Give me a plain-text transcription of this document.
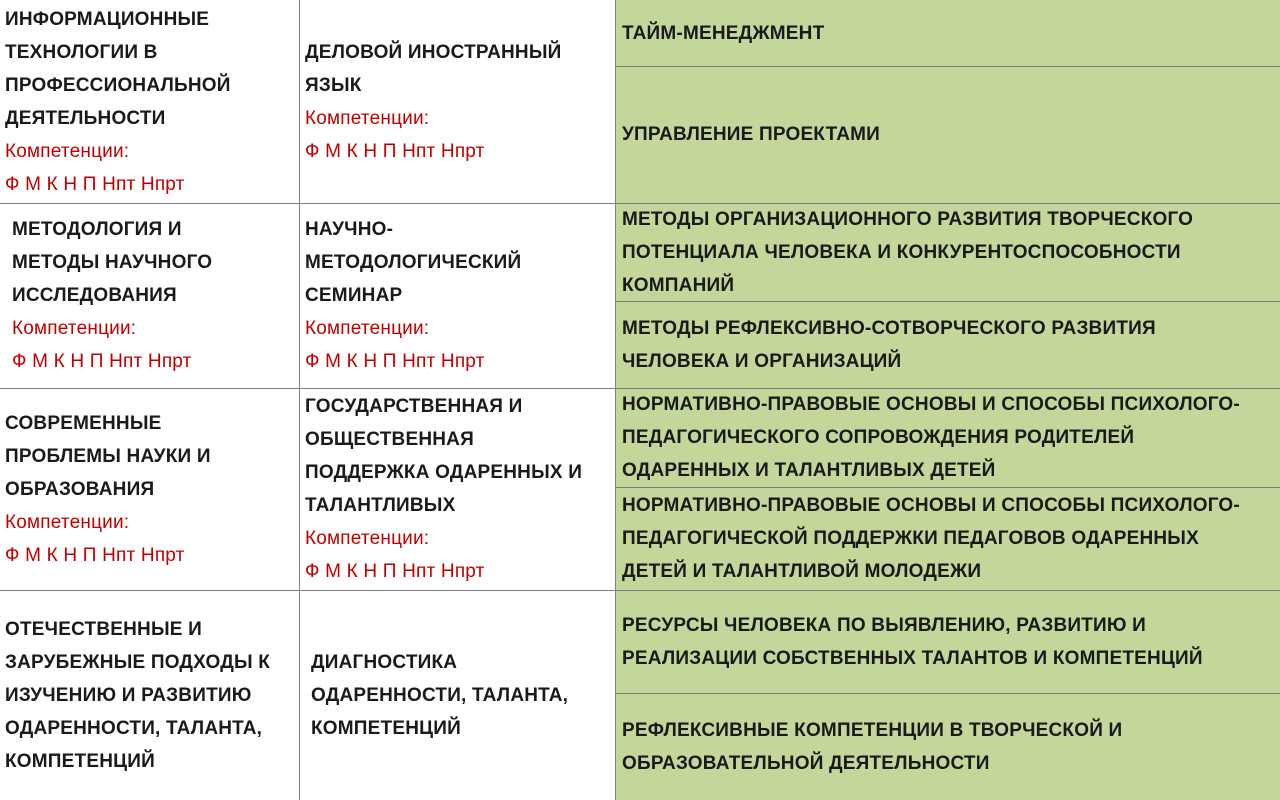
ИНФОРМАЦИОННЫЕ
ТЕХНОЛОГИИ В
ПРОФЕССИОНАЛЬНОЙ
ДЕЯТЕЛЬНОСТИ
Компетенции:
Ф М К Н П Нпт Нпрт
ДЕЛОВОЙ ИНОСТРАННЫЙ
ЯЗЫК
Компетенции:
Ф М К Н П Нпт Нпрт
ТАЙМ-МЕНЕДЖМЕНТ
УПРАВЛЕНИЕ ПРОЕКТАМИ
МЕТОДОЛОГИЯ И
МЕТОДЫ НАУЧНОГО
ИССЛЕДОВАНИЯ
Компетенции:
Ф М К Н П Нпт Нпрт
НАУЧНО-
МЕТОДОЛОГИЧЕСКИЙ
СЕМИНАР
Компетенции:
Ф М К Н П Нпт Нпрт
МЕТОДЫ ОРГАНИЗАЦИОННОГО РАЗВИТИЯ ТВОРЧЕСКОГО
ПОТЕНЦИАЛА ЧЕЛОВЕКА И КОНКУРЕНТОСПОСОБНОСТИ
КОМПАНИЙ
МЕТОДЫ РЕФЛЕКСИВНО-СОТВОРЧЕСКОГО РАЗВИТИЯ
ЧЕЛОВЕКА И ОРГАНИЗАЦИЙ
СОВРЕМЕННЫЕ
ПРОБЛЕМЫ НАУКИ И
ОБРАЗОВАНИЯ
Компетенции:
Ф М К Н П Нпт Нпрт
ГОСУДАРСТВЕННАЯ И
ОБЩЕСТВЕННАЯ
ПОДДЕРЖКА ОДАРЕННЫХ И
ТАЛАНТЛИВЫХ
Компетенции:
Ф М К Н П Нпт Нпрт
НОРМАТИВНО-ПРАВОВЫЕ ОСНОВЫ И СПОСОБЫ ПСИХОЛОГО-
ПЕДАГОГИЧЕСКОГО СОПРОВОЖДЕНИЯ РОДИТЕЛЕЙ
ОДАРЕННЫХ И ТАЛАНТЛИВЫХ ДЕТЕЙ
НОРМАТИВНО-ПРАВОВЫЕ ОСНОВЫ И СПОСОБЫ ПСИХОЛОГО-
ПЕДАГОГИЧЕСКОЙ ПОДДЕРЖКИ ПЕДАГОВОВ ОДАРЕННЫХ
ДЕТЕЙ И ТАЛАНТЛИВОЙ МОЛОДЕЖИ
ОТЕЧЕСТВЕННЫЕ И
ЗАРУБЕЖНЫЕ ПОДХОДЫ К
ИЗУЧЕНИЮ И РАЗВИТИЮ
ОДАРЕННОСТИ, ТАЛАНТА,
КОМПЕТЕНЦИЙ
ДИАГНОСТИКА
ОДАРЕННОСТИ, ТАЛАНТА,
КОМПЕТЕНЦИЙ
РЕСУРСЫ ЧЕЛОВЕКА ПО ВЫЯВЛЕНИЮ, РАЗВИТИЮ И
РЕАЛИЗАЦИИ СОБСТВЕННЫХ ТАЛАНТОВ И КОМПЕТЕНЦИЙ
РЕФЛЕКСИВНЫЕ КОМПЕТЕНЦИИ В ТВОРЧЕСКОЙ И
ОБРАЗОВАТЕЛЬНОЙ ДЕЯТЕЛЬНОСТИ
